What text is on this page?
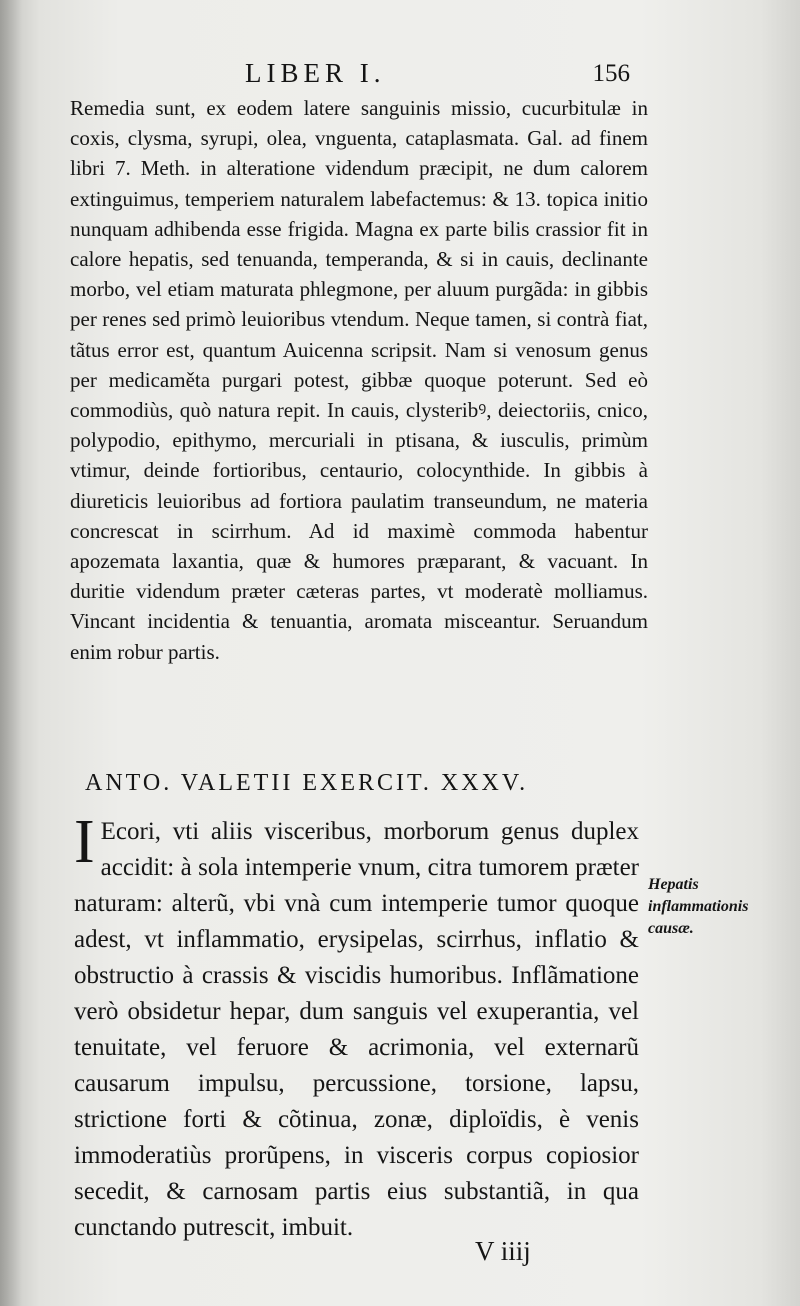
LIBER I.	156

Remedia sunt, ex eodem latere sanguinis missio, cucurbitulæ in coxis, clysma, syrupi, olea, vnguenta, cataplasmata. Gal. ad finem libri 7. Meth. in alteratione videndum præcipit, ne dum calorem extinguimus, temperiem naturalem labefactemus: & 13. topica initio nunquam adhibenda esse frigida. Magna ex parte bilis crassior fit in calore hepatis, sed tenuanda, temperanda, & si in cauis, declinante morbo, vel etiam maturata phlegmone, per aluum purgãda: in gibbis per renes sed primò leuioribus vtendum. Neque tamen, si contrà fiat, tãtus error est, quantum Auicenna scripsit. Nam si venosum genus per medicaměta purgari potest, gibbæ quoque poterunt. Sed eò commodiùs, quò natura repit. In cauis, clysteribꝰ, deiectoriis, cnico, polypodio, epithymo, mercuriali in ptisana, & iusculis, primùm vtimur, deinde fortioribus, centaurio, colocynthide. In gibbis à diureticis leuioribus ad fortiora paulatim transeundum, ne materia concrescat in scirrhum. Ad id maximè commoda habentur apozemata laxantia, quæ & humores præparant, & vacuant. In duritie videndum præter cæteras partes, vt moderatè molliamus. Vincant incidentia & tenuantia, aromata misceantur. Seruandum enim robur partis.

ANTO. VALETII EXERCIT. XXXV.
I Ecori, vti aliis visceribus, morborum genus duplex accidit: à sola intemperie vnum, citra tumorem præter naturam: alterũ, vbi vnà cum intemperie tumor quoque adest, vt inflammatio, erysipelas, scirrhus, inflatio & obstructio à crassis & viscidis humoribus. Inflãmatione verò obsidetur hepar, dum sanguis vel exuperantia, vel tenuitate, vel feruore & acrimonia, vel externarũ causarum impulsu, percussione, torsione, lapsu, strictione forti & cõtinua, zonæ, diploïdis, è venis immoderatiùs prorũpens, in visceris corpus copiosior secedit, & carnosam partis eius substantiã, in qua cunctando putrescit, imbuit.

Hepatis inflammationis causæ.
V iiij
